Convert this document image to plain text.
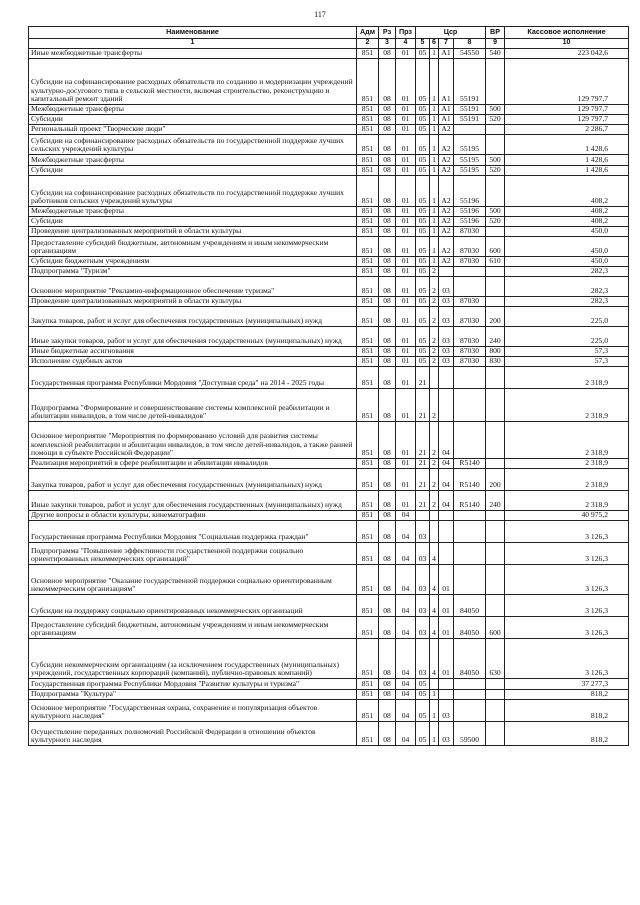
117
Наименование	Адм	Рз	Прз	Цср				ВР	Кассовое исполнение
1	2	3	4	5	6	7	8	9	10
Иные межбюджетные трансферты	851	08	01	05	1	A1	54550	540	223 042,6
Субсидии на софинансирование расходных обязательств по созданию и модернизации учреждений культурно-досугового типа в сельской местности, включая строительство, реконструкцию и капитальный ремонт зданий	851	08	01	05	1	A1	55191		129 797,7
Межбюджетные трансферты	851	08	01	05	1	A1	55191	500	129 797,7
Субсидии	851	08	01	05	1	A1	55191	520	129 797,7
Региональный проект "Творческие люди"	851	08	01	05	1	A2			2 286,7
Субсидии на софинансирование расходных обязательств по государственной поддержке лучших сельских учреждений культуры	851	08	01	05	1	A2	55195		1 428,6
Межбюджетные трансферты	851	08	01	05	1	A2	55195	500	1 428,6
Субсидии	851	08	01	05	1	A2	55195	520	1 428,6
Субсидии на софинансирование расходных обязательств по государственной поддержке лучших работников сельских учреждений культуры	851	08	01	05	1	A2	55196		408,2
Межбюджетные трансферты	851	08	01	05	1	A2	55196	500	408,2
Субсидии	851	08	01	05	1	A2	55196	520	408,2
Проведение централизованных мероприятий в области культуры	851	08	01	05	1	A2	87030		450,0
Предоставление субсидий бюджетным, автономным учреждениям и иным некоммерческим организациям	851	08	01	05	1	A2	87030	600	450,0
Субсидии бюджетным учреждениям	851	08	01	05	1	A2	87030	610	450,0
Подпрограмма "Туризм"	851	08	01	05	2				282,3
Основное мероприятие "Рекламно-информационное обеспечение туризма"	851	08	01	05	2	03			282,3
Проведение централизованных мероприятий в области культуры	851	08	01	05	2	03	87030		282,3
Закупка товаров, работ и услуг для обеспечения государственных (муниципальных) нужд	851	08	01	05	2	03	87030	200	225,0
Иные закупки товаров, работ и услуг для обеспечения государственных (муниципальных) нужд	851	08	01	05	2	03	87030	240	225,0
Иные бюджетные ассигнования	851	08	01	05	2	03	87030	800	57,3
Исполнение судебных актов	851	08	01	05	2	03	87030	830	57,3
Государственная программа Республики Мордовия "Доступная среда" на 2014 - 2025 годы	851	08	01	21					2 318,9
Подпрограмма "Формирование и совершенствование системы комплексной реабилитации и абилитации инвалидов, в том числе детей-инвалидов"	851	08	01	21	2				2 318,9
Основное мероприятие "Мероприятия по формированию условий для развития системы комплексной реабилитации и абилитации инвалидов, в том числе детей-инвалидов, а также ранней помощи в субъекте Российской Федерации"	851	08	01	21	2	04			2 318,9
Реализация мероприятий в сфере реабилитации и абилитации инвалидов	851	08	01	21	2	04	R5140		2 318,9
Закупка товаров, работ и услуг для обеспечения государственных (муниципальных) нужд	851	08	01	21	2	04	R5140	200	2 318,9
Иные закупки товаров, работ и услуг для обеспечения государственных (муниципальных) нужд	851	08	01	21	2	04	R5140	240	2 318,9
Другие вопросы в области культуры, кинематографии	851	08	04						40 975,2
Государственная программа Республики Мордовия "Социальная поддержка граждан"	851	08	04	03					3 126,3
Подпрограмма "Повышение эффективности государственной поддержки социально ориентированных некоммерческих организаций"	851	08	04	03	4				3 126,3
Основное мероприятие "Оказание государственной поддержки социально ориентированным некоммерческим организациям"	851	08	04	03	4	01			3 126,3
Субсидии на поддержку социально ориентированных некоммерческих организаций	851	08	04	03	4	01	84050		3 126,3
Предоставление субсидий бюджетным, автономным учреждениям и иным некоммерческим организациям	851	08	04	03	4	01	84050	600	3 126,3
Субсидии некоммерческим организациям (за исключением государственных (муниципальных) учреждений, государственных корпораций (компаний), публично-правовых компаний)	851	08	04	03	4	01	84050	630	3 126,3
Государственная программа Республики Мордовия "Развитие культуры и туризма"	851	08	04	05					37 277,3
Подпрограмма "Культура"	851	08	04	05	1				818,2
Основное мероприятие "Государственная охрана, сохранение и популяризация объектов культурного наследия"	851	08	04	05	1	03			818,2
Осуществление переданных полномочий Российской Федерации в отношении объектов культурного наследия	851	08	04	05	1	03	59500		818,2
